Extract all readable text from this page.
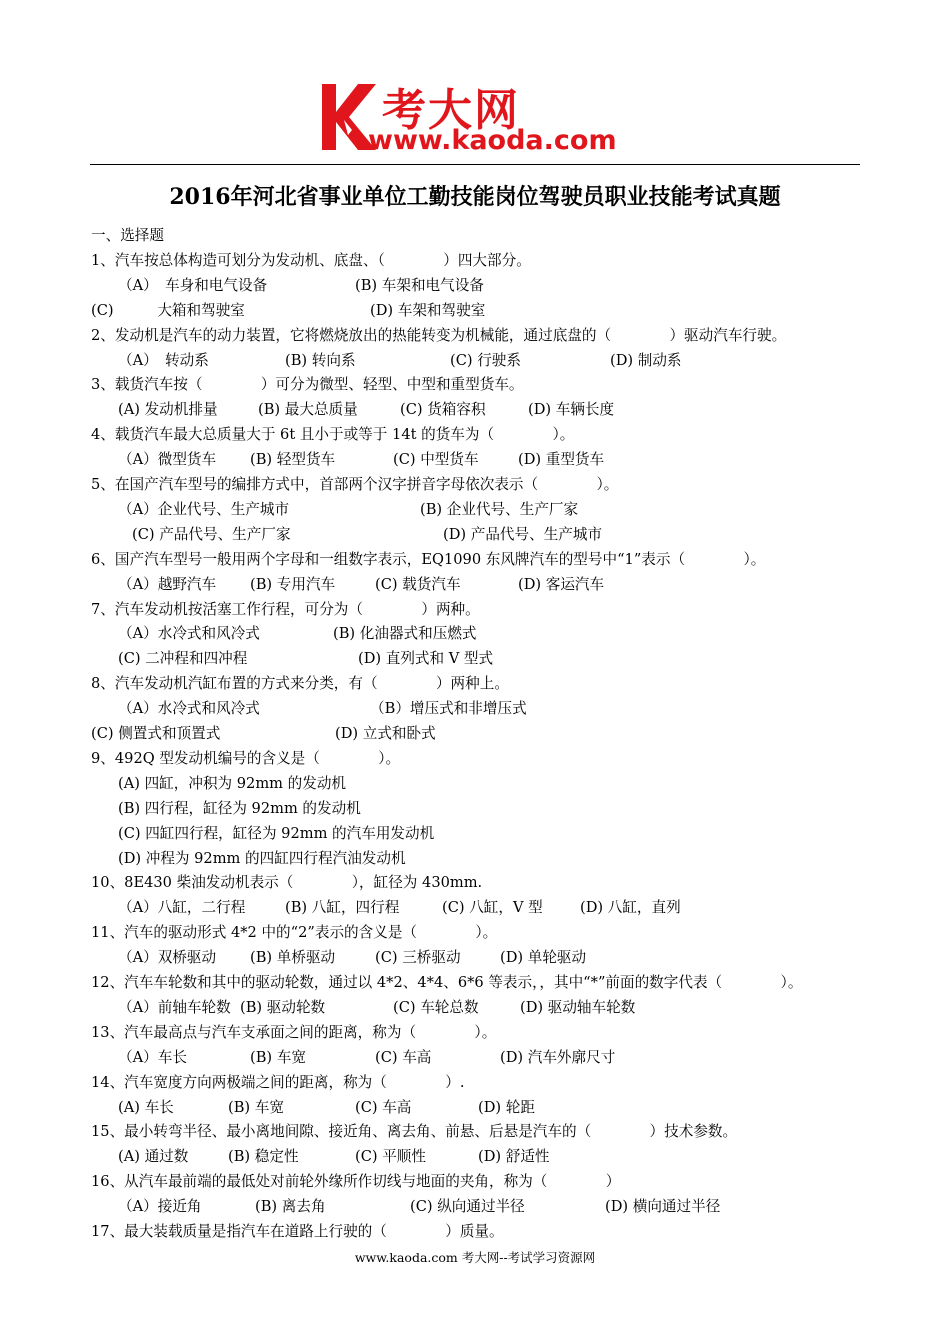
考大网
www.kaoda.com
2016年河北省事业单位工勤技能岗位驾驶员职业技能考试真题
一、选择题
1、汽车按总体构造可划分为发动机、底盘、（　　　　）四大部分。
（A）　车身和电气设备	(B) 车架和电气设备
(C)　　　大箱和驾驶室	(D) 车架和驾驶室
2、发动机是汽车的动力装置，它将燃烧放出的热能转变为机械能，通过底盘的（　　　　）驱动汽车行驶。
（A）　转动系	(B) 转向系	(C) 行驶系	(D) 制动系
3、载货汽车按（　　　　）可分为微型、轻型、中型和重型货车。
(A) 发动机排量	(B) 最大总质量	(C) 货箱容积	(D) 车辆长度
4、载货汽车最大总质量大于 6t 且小于或等于 14t 的货车为（　　　　）。
（A）微型货车 (B) 轻型货车	(C) 中型货车	(D) 重型货车
5、在国产汽车型号的编排方式中，首部两个汉字拼音字母依次表示（　　　　）。
（A）企业代号、生产城市	(B) 企业代号、生产厂家
(C) 产品代号、生产厂家	(D) 产品代号、生产城市
6、国产汽车型号一般用两个字母和一组数字表示，EQ1090 东风牌汽车的型号中“1”表示（　　　　）。
（A）越野汽车 (B) 专用汽车	(C) 载货汽车	(D) 客运汽车
7、汽车发动机按活塞工作行程，可分为（　　　　）两种。
（A）水冷式和风冷式	(B) 化油器式和压燃式
(C) 二冲程和四冲程	(D) 直列式和 V 型式
8、汽车发动机汽缸布置的方式来分类，有（　　　　）两种上。
（A）水冷式和风冷式	（B）增压式和非增压式
(C) 侧置式和顶置式	(D) 立式和卧式
9、492Q 型发动机编号的含义是（　　　　）。
(A) 四缸，冲积为 92mm 的发动机
(B) 四行程，缸径为 92mm 的发动机
(C) 四缸四行程，缸径为 92mm 的汽车用发动机
(D) 冲程为 92mm 的四缸四行程汽油发动机
10、8E430 柴油发动机表示（　　　　），缸径为 430mm.
（A）八缸，二行程	(B) 八缸，四行程	(C) 八缸，V 型	(D) 八缸，直列
11、汽车的驱动形式 4*2 中的“2”表示的含义是（　　　　）。
（A）双桥驱动 (B) 单桥驱动	(C) 三桥驱动	(D) 单轮驱动
12、汽车车轮数和其中的驱动轮数，通过以 4*2、4*4、6*6 等表示，，其中“*”前面的数字代表（　　　　）。
（A）前轴车轮数 (B) 驱动轮数	(C) 车轮总数	(D) 驱动轴车轮数
13、汽车最高点与汽车支承面之间的距离，称为（　　　　）。
（A）车长	(B) 车宽	(C) 车高	(D) 汽车外廓尺寸
14、汽车宽度方向两极端之间的距离，称为（　　　　）.
(A) 车长	(B) 车宽	(C) 车高	(D) 轮距
15、最小转弯半径、最小离地间隙、接近角、离去角、前悬、后悬是汽车的（　　　　）技术参数。
(A) 通过数	(B) 稳定性	(C) 平顺性	(D) 舒适性
16、从汽车最前端的最低处对前轮外缘所作切线与地面的夹角，称为（　　　　）
（A）接近角	(B) 离去角	(C) 纵向通过半径	(D) 横向通过半径
17、最大装载质量是指汽车在道路上行驶的（　　　　）质量。
www.kaoda.com 考大网--考试学习资源网
